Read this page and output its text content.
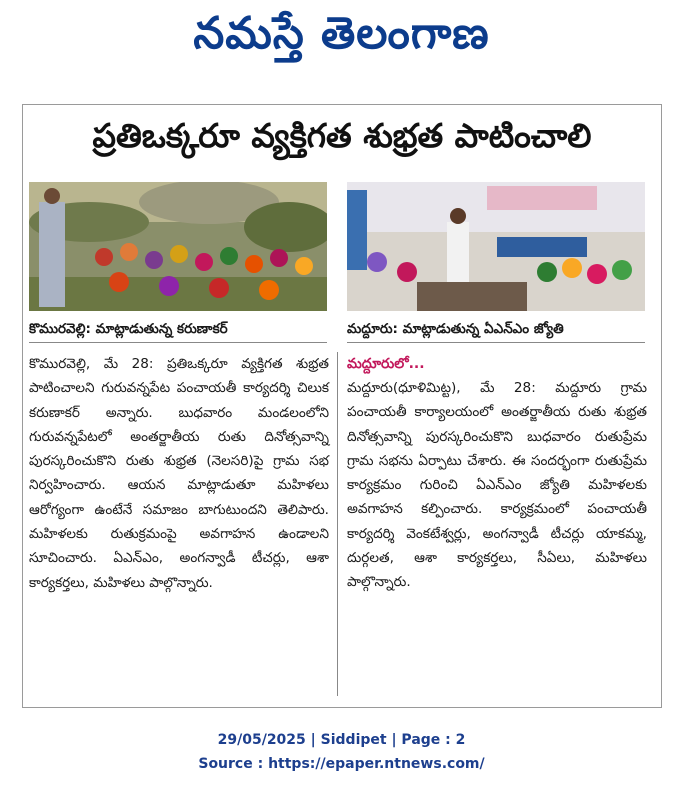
నమస్తే తెలంగాణ
ప్రతిఒక్కరూ వ్యక్తిగత శుభ్రత పాటించాలి
కొమురవెల్లి: మాట్లాడుతున్న కరుణాకర్	మద్దూరు: మాట్లాడుతున్న ఏఎన్ఎం జ్యోతి

కొమురవెల్లి, మే 28: ప్రతిఒక్కరూ వ్యక్తిగత శుభ్రత పాటించాలని గురువన్నపేట పంచాయతీ కార్యదర్శి చిలుక కరుణాకర్ అన్నారు. బుధవారం మండలంలోని గురువన్నపేటలో అంతర్జాతీయ రుతు దినోత్సవాన్ని పురస్కరించుకొని రుతు శుభ్రత (నెలసరి)పై గ్రామ సభ నిర్వహించారు. ఆయన మాట్లాడుతూ మహిళలు ఆరోగ్యంగా ఉంటేనే సమాజం బాగుటుందని తెలిపారు. మహిళలకు రుతుక్రమంపై అవగాహన ఉండాలని సూచించారు. ఏఎన్ఎం, అంగన్వాడీ టీచర్లు, ఆశా కార్యకర్తలు, మహిళలు పాల్గొన్నారు.

మద్దూరులో...

మద్దూరు(ధూళిమిట్ట), మే 28: మద్దూరు గ్రామ పంచాయతీ కార్యాలయంలో అంతర్జాతీయ రుతు శుభ్రత దినోత్సవాన్ని పురస్కరించుకొని బుధవారం రుతుప్రేమ గ్రామ సభను ఏర్పాటు చేశారు. ఈ సందర్భంగా రుతుప్రేమ కార్యక్రమం గురించి ఏఎన్ఎం జ్యోతి మహిళలకు అవగాహన కల్పించారు. కార్యక్రమంలో పంచాయతీ కార్యదర్శి వెంకటేశ్వర్లు, అంగన్వాడీ టీచర్లు యాకమ్మ, దుర్గలత, ఆశా కార్యకర్తలు, సీఏలు, మహిళలు పాల్గొన్నారు.

29/05/2025 | Siddipet | Page : 2
Source : https://epaper.ntnews.com/
